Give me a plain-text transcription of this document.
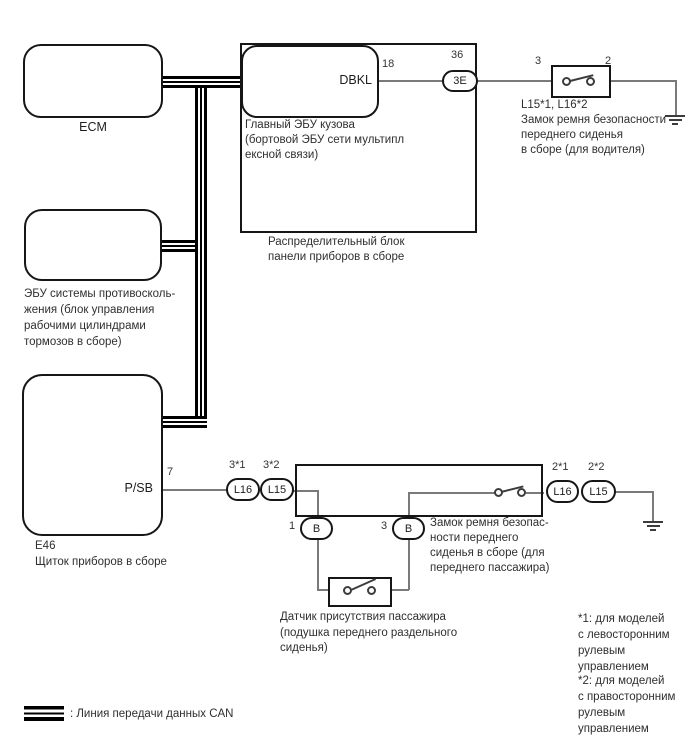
ECM
DBKL
Главный ЭБУ кузова
(бортовой ЭБУ сети мультипл
ексной связи)
Распределительный блок
панели приборов в сборе
18
36
3E
3	2
L15*1, L16*2
Замок ремня безопасности
переднего сиденья
в сборе (для водителя)
ЭБУ системы противосколь-
жения (блок управления
рабочими цилиндрами
тормозов в сборе)
P/SB
7
E46
Щиток приборов в сборе
3*1 3*2
L16	L15
1	3
B	B	Замок ремня безопас-
ности переднего
сиденья в сборе (для
переднего пассажира)
2*1 2*2
L16	L15
Датчик присутствия пассажира
(подушка переднего раздельного
сиденья)
*1: для моделей
с левосторонним
рулевым
управлением
*2: для моделей
с правосторонним
рулевым
управлением
: Линия передачи данных CAN
